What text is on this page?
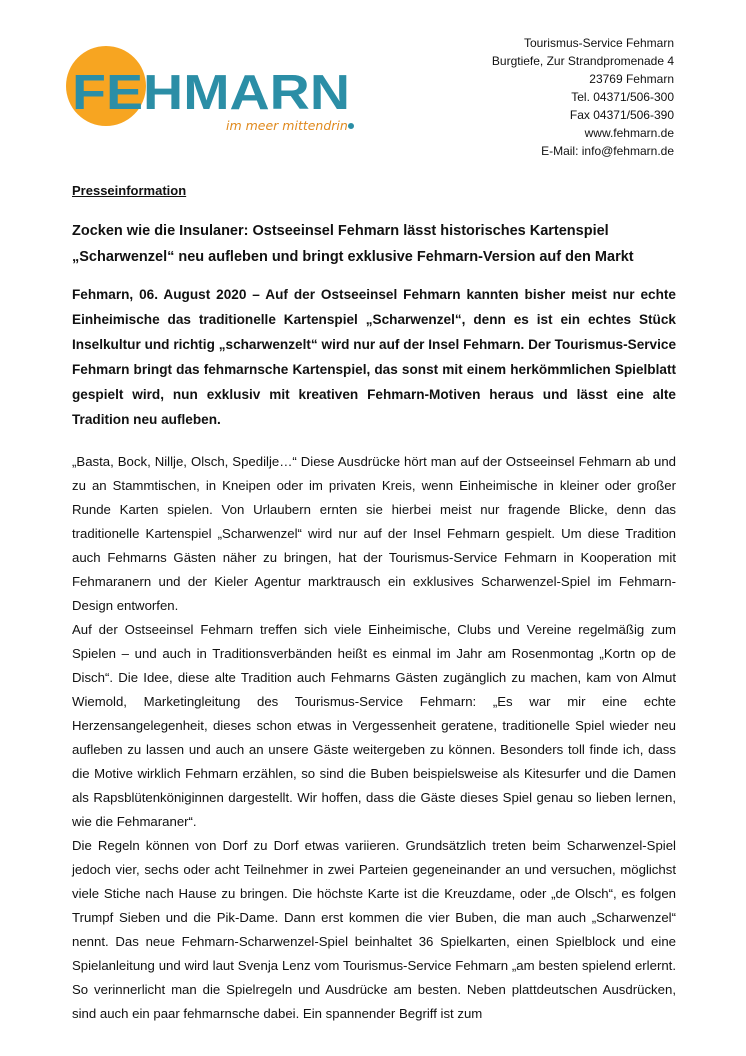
FEHMARN
im meer mittendrin
Tourismus-Service Fehmarn
Burgtiefe, Zur Strandpromenade 4
23769 Fehmarn
Tel. 04371/506-300
Fax 04371/506-390
www.fehmarn.de
E-Mail: info@fehmarn.de
Presseinformation
Zocken wie die Insulaner: Ostseeinsel Fehmarn lässt historisches Kartenspiel „Scharwenzel“ neu aufleben und bringt exklusive Fehmarn-Version auf den Markt
Fehmarn, 06. August 2020 – Auf der Ostseeinsel Fehmarn kannten bisher meist nur echte Einheimische das traditionelle Kartenspiel „Scharwenzel“, denn es ist ein echtes Stück Inselkultur und richtig „scharwenzelt“ wird nur auf der Insel Fehmarn. Der Tourismus-Service Fehmarn bringt das fehmarnsche Kartenspiel, das sonst mit einem herkömmlichen Spielblatt gespielt wird, nun exklusiv mit kreativen Fehmarn-Motiven heraus und lässt eine alte Tradition neu aufleben.

„Basta, Bock, Nillje, Olsch, Spedilje…“ Diese Ausdrücke hört man auf der Ostseeinsel Fehmarn ab und zu an Stammtischen, in Kneipen oder im privaten Kreis, wenn Einheimische in kleiner oder großer Runde Karten spielen. Von Urlaubern ernten sie hierbei meist nur fragende Blicke, denn das traditionelle Kartenspiel „Scharwenzel“ wird nur auf der Insel Fehmarn gespielt. Um diese Tradition auch Fehmarns Gästen näher zu bringen, hat der Tourismus-Service Fehmarn in Kooperation mit Fehmaranern und der Kieler Agentur marktrausch ein exklusives Scharwenzel-Spiel im Fehmarn-Design entworfen.

Auf der Ostseeinsel Fehmarn treffen sich viele Einheimische, Clubs und Vereine regelmäßig zum Spielen – und auch in Traditionsverbänden heißt es einmal im Jahr am Rosenmontag „Kortn op de Disch“. Die Idee, diese alte Tradition auch Fehmarns Gästen zugänglich zu machen, kam von Almut Wiemold, Marketingleitung des Tourismus-Service Fehmarn: „Es war mir eine echte Herzensangelegenheit, dieses schon etwas in Vergessenheit geratene, traditionelle Spiel wieder neu aufleben zu lassen und auch an unsere Gäste weitergeben zu können. Besonders toll finde ich, dass die Motive wirklich Fehmarn erzählen, so sind die Buben beispielsweise als Kitesurfer und die Damen als Rapsblütenköniginnen dargestellt. Wir hoffen, dass die Gäste dieses Spiel genau so lieben lernen, wie die Fehmaraner“.

Die Regeln können von Dorf zu Dorf etwas variieren. Grundsätzlich treten beim Scharwenzel-Spiel jedoch vier, sechs oder acht Teilnehmer in zwei Parteien gegeneinander an und versuchen, möglichst viele Stiche nach Hause zu bringen. Die höchste Karte ist die Kreuzdame, oder „de Olsch“, es folgen Trumpf Sieben und die Pik-Dame. Dann erst kommen die vier Buben, die man auch „Scharwenzel“ nennt. Das neue Fehmarn-Scharwenzel-Spiel beinhaltet 36 Spielkarten, einen Spielblock und eine Spielanleitung und wird laut Svenja Lenz vom Tourismus-Service Fehmarn „am besten spielend erlernt. So verinnerlicht man die Spielregeln und Ausdrücke am besten. Neben plattdeutschen Ausdrücken, sind auch ein paar fehmarnsche dabei. Ein spannender Begriff ist zum
